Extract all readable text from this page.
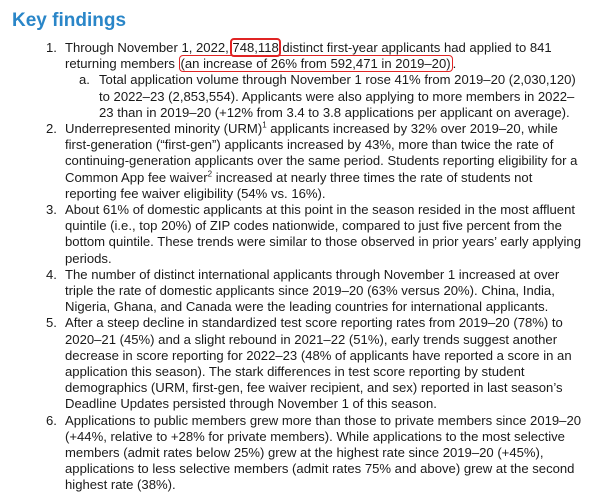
Key findings
1. Through November 1, 2022, 748,118 distinct first-year applicants had applied to 841 returning members (an increase of 26% from 592,471 in 2019–20) .
a. Total application volume through November 1 rose 41% from 2019–20 (2,030,120) to 2022–23 (2,853,554). Applicants were also applying to more members in 2022–23 than in 2019–20 (+12% from 3.4 to 3.8 applications per applicant on average).
2. Underrepresented minority (URM)$^1$ applicants increased by 32% over 2019–20, while first-generation (“first-gen”) applicants increased by 43%, more than twice the rate of continuing-generation applicants over the same period. Students reporting eligibility for a Common App fee waiver$^2$ increased at nearly three times the rate of students not reporting fee waiver eligibility (54% vs. 16%).
3. About 61% of domestic applicants at this point in the season resided in the most affluent quintile (i.e., top 20%) of ZIP codes nationwide, compared to just five percent from the bottom quintile. These trends were similar to those observed in prior years’ early applying periods.
4. The number of distinct international applicants through November 1 increased at over triple the rate of domestic applicants since 2019–20 (63% versus 20%). China, India, Nigeria, Ghana, and Canada were the leading countries for international applicants.
5. After a steep decline in standardized test score reporting rates from 2019–20 (78%) to 2020–21 (45%) and a slight rebound in 2021–22 (51%), early trends suggest another decrease in score reporting for 2022–23 (48% of applicants have reported a score in an application this season). The stark differences in test score reporting by student demographics (URM, first-gen, fee waiver recipient, and sex) reported in last season’s Deadline Updates persisted through November 1 of this season.
6. Applications to public members grew more than those to private members since 2019–20 (+44%, relative to +28% for private members). While applications to the most selective members (admit rates below 25%) grew at the highest rate since 2019–20 (+45%), applications to less selective members (admit rates 75% and above) grew at the second highest rate (38%).
